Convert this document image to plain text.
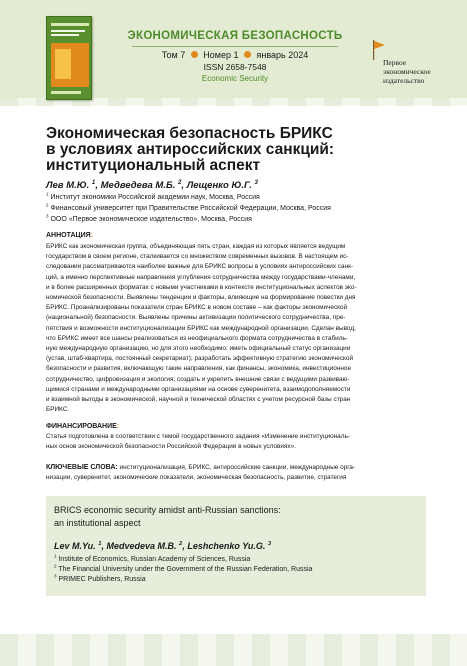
ЭКОНОМИЧЕСКАЯ БЕЗОПАСНОСТЬ
Том 7 Номер 1 январь 2024
ISSN 2658-7548
Economic Security
Первое
экономическое
издательство
Экономическая безопасность БРИКС
в условиях антироссийских санкций:
институциональный аспект
Лев М.Ю. $^1$, Медведева М.Б. $^2$, Лещенко Ю.Г. $^3$
$^1$ Институт экономики Российской академии наук, Москва, Россия
$^2$ Финансовый университет при Правительстве Российской Федерации, Москва, Россия
$^3$ ООО «Первое экономическое издательство», Москва, Россия
АННОТАЦИЯ:
БРИКС как экономическая группа, объединяющая пять стран, каждая из которых является ведущим
государством в своем регионе, сталкивается со множеством современных вызовов. В настоящем ис-
следовании рассматриваются наиболее важные для БРИКС вопросы в условиях антироссийских санк-
ций, а именно перспективные направления углубления сотрудничества между государствами-членами,
и в более расширенных форматах с новыми участниками в контексте институциональных аспектов эко-
номической безопасности. Выявлены тенденции и факторы, влияющие на формирование повестки дня
БРИКС. Проанализированы показатели стран БРИКС в новом составе – как факторы экономической
(национальной) безопасности. Выявлены причины активизации политического сотрудничества, пре-
пятствия и возможности институционализации БРИКС как международной организации. Сделан вывод,
что БРИКС имеет все шансы реализоваться из неофициального формата сотрудничества в стабиль-
ную международную организацию, но для этого необходимо: иметь официальный статус организации
(устав, штаб-квартира, постоянный секретариат); разработать эффективную стратегию экономической
безопасности и развития, включающую такие направления, как финансы, экономика, инвестиционное
сотрудничество, цифровизация и экология; создать и укрепить внешние связи с ведущими развиваю-
щимися странами и международными организациями на основе суверенитета, взаимодополняемости
и взаимной выгоды в экономической, научной и технической областях с учетом ресурсной базы стран
БРИКС.
ФИНАНСИРОВАНИЕ:
Статья подготовлена в соответствии с темой государственного задания «Изменение институциональ-
ных основ экономической безопасности Российской Федерации в новых условиях».
КЛЮЧЕВЫЕ СЛОВА: институционализация, БРИКС, антироссийские санкции, международные орга-
низации, суверенитет, экономические показатели, экономическая безопасность, развитие, стратегия
BRICS economic security amidst anti-Russian sanctions:
an institutional aspect
Lev M.Yu. $^1$, Medvedeva M.B. $^2$, Leshchenko Yu.G. $^3$
$^1$ Institute of Economics, Russian Academy of Sciences, Russia
$^2$ The Financial University under the Government of the Russian Federation, Russia
$^3$ PRIMEC Publishers, Russia
